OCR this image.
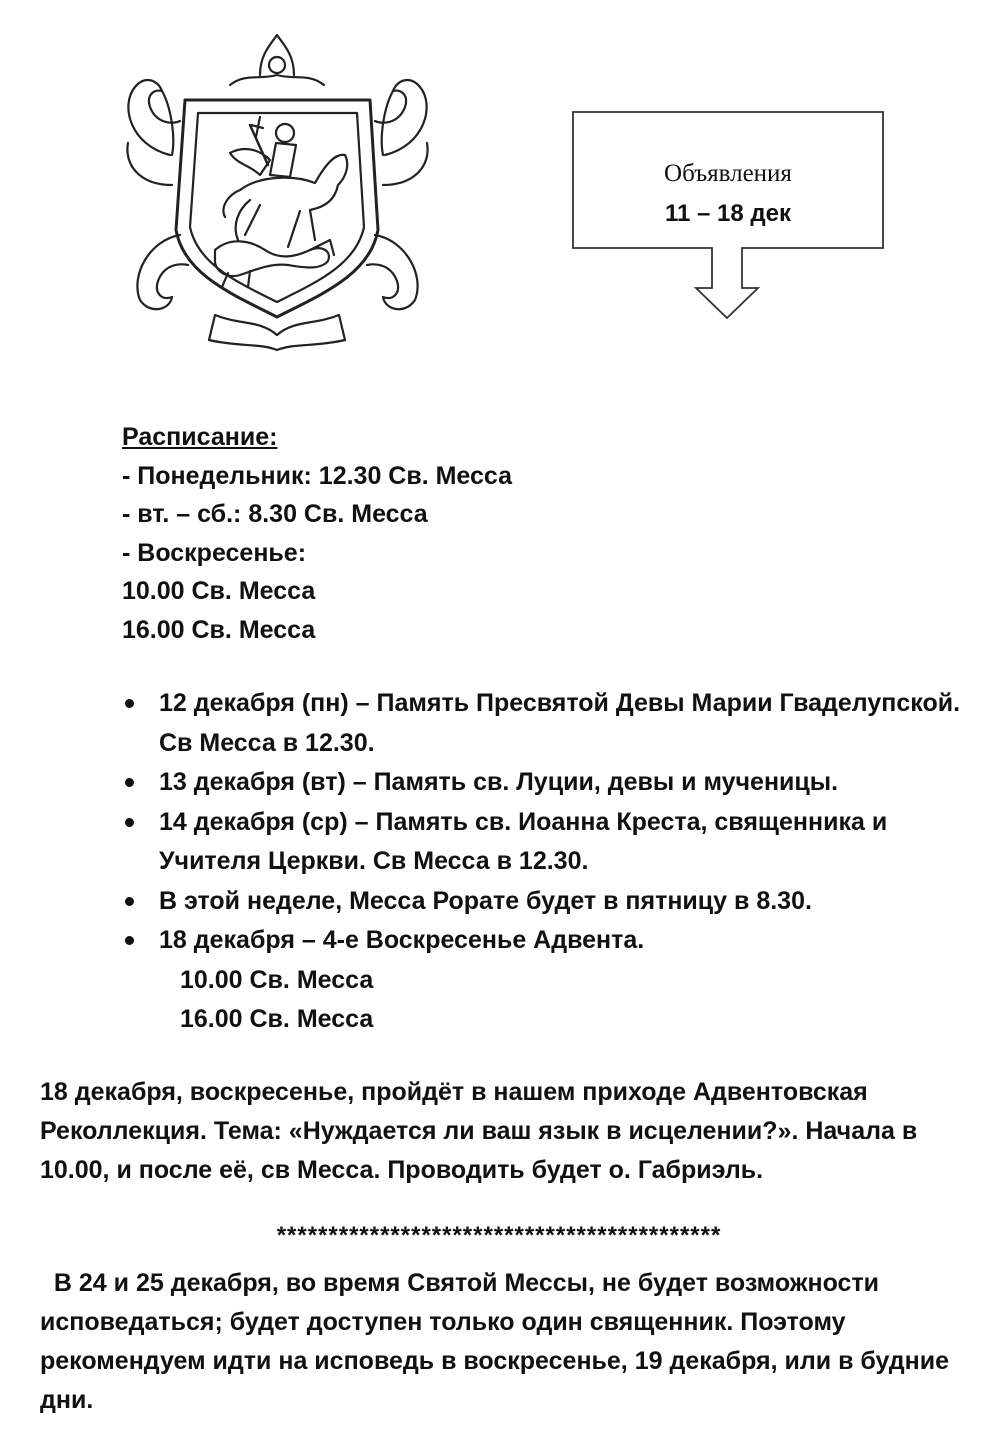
Объявления
11 – 18 дек
Расписание:
- Понедельник: 12.30 Св. Месса
- вт. – сб.: 8.30 Св. Месса
- Воскресенье:
10.00 Св. Месса
16.00 Св. Месса
12 декабря (пн) – Память Пресвятой Девы Марии Гваделупской. Св Месса в 12.30.
13 декабря (вт) – Память св. Луции, девы и мученицы.
14 декабря (ср) – Память св. Иоанна Креста, священника и Учителя Церкви. Св Месса в 12.30.
В этой неделе, Месса Рорате будет в пятницу в 8.30.
18 декабря – 4-е Воскресенье Адвента.
10.00 Св. Месса
16.00 Св. Месса
18 декабря, воскресенье, пройдёт в нашем приходе Адвентовская Реколлекция. Тема: «Нуждается ли ваш язык в исцелении?». Начала в 10.00, и после её, св Месса. Проводить будет о. Габриэль.
*******************************************
В 24 и 25 декабря, во время Святой Мессы, не будет возможности исповедаться; будет доступен только один священник. Поэтому рекомендуем идти на исповедь в воскресенье, 19 декабря, или в будние дни.
